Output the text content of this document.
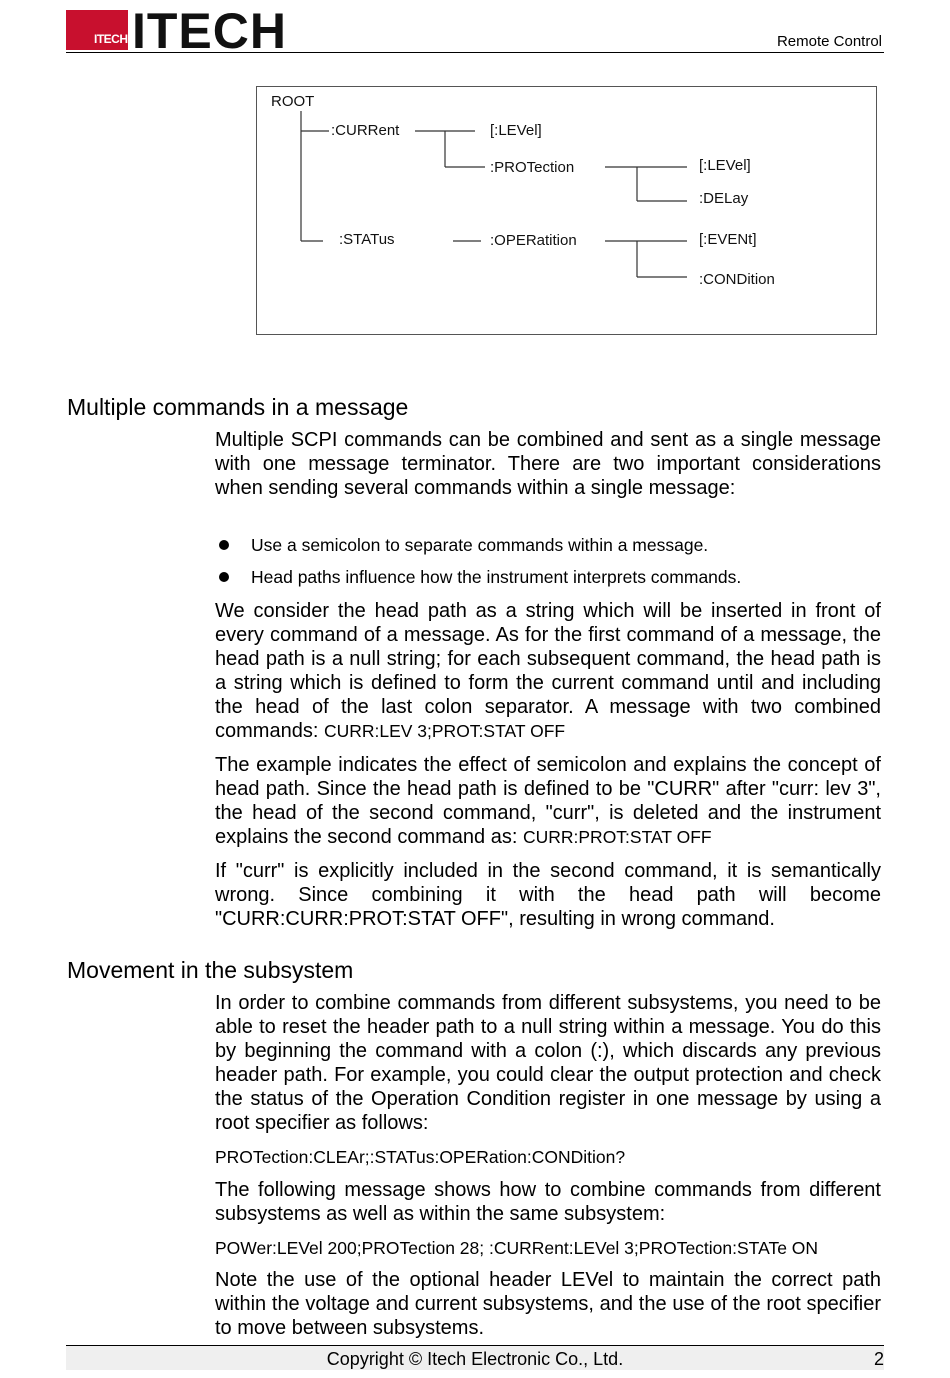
ITECH ITECH	Remote Control
ROOT
:CURRent	[:LEVel]
:PROTection	[:LEVel]
:DELay
:STATus	:OPERatition	[:EVENt]
:CONDition
Multiple commands in a message

Multiple SCPI commands can be combined and sent as a single message with one message terminator. There are two important considerations when sending several commands within a single message:

Use a semicolon to separate commands within a message.
Head paths influence how the instrument interprets commands.

We consider the head path as a string which will be inserted in front of every command of a message. As for the first command of a message, the head path is a null string; for each subsequent command, the head path is a string which is defined to form the current command until and including the head of the last colon separator. A message with two combined commands: CURR:LEV 3;PROT:STAT OFF

The example indicates the effect of semicolon and explains the concept of head path. Since the head path is defined to be "CURR" after "curr: lev 3", the head of the second command, "curr", is deleted and the instrument explains the second command as: CURR:PROT:STAT OFF

If "curr" is explicitly included in the second command, it is semantically wrong. Since combining it with the head path will become "CURR:CURR:PROT:STAT OFF", resulting in wrong command.

Movement in the subsystem

In order to combine commands from different subsystems, you need to be able to reset the header path to a null string within a message. You do this by beginning the command with a colon (:), which discards any previous header path. For example, you could clear the output protection and check the status of the Operation Condition register in one message by using a root specifier as follows:

PROTection:CLEAr;:STATus:OPERation:CONDition?

The following message shows how to combine commands from different subsystems as well as within the same subsystem:

POWer:LEVel 200;PROTection 28; :CURRent:LEVel 3;PROTection:STATe ON

Note the use of the optional header LEVel to maintain the correct path within the voltage and current subsystems, and the use of the root specifier to move between subsystems.

Copyright © Itech Electronic Co., Ltd.	2
